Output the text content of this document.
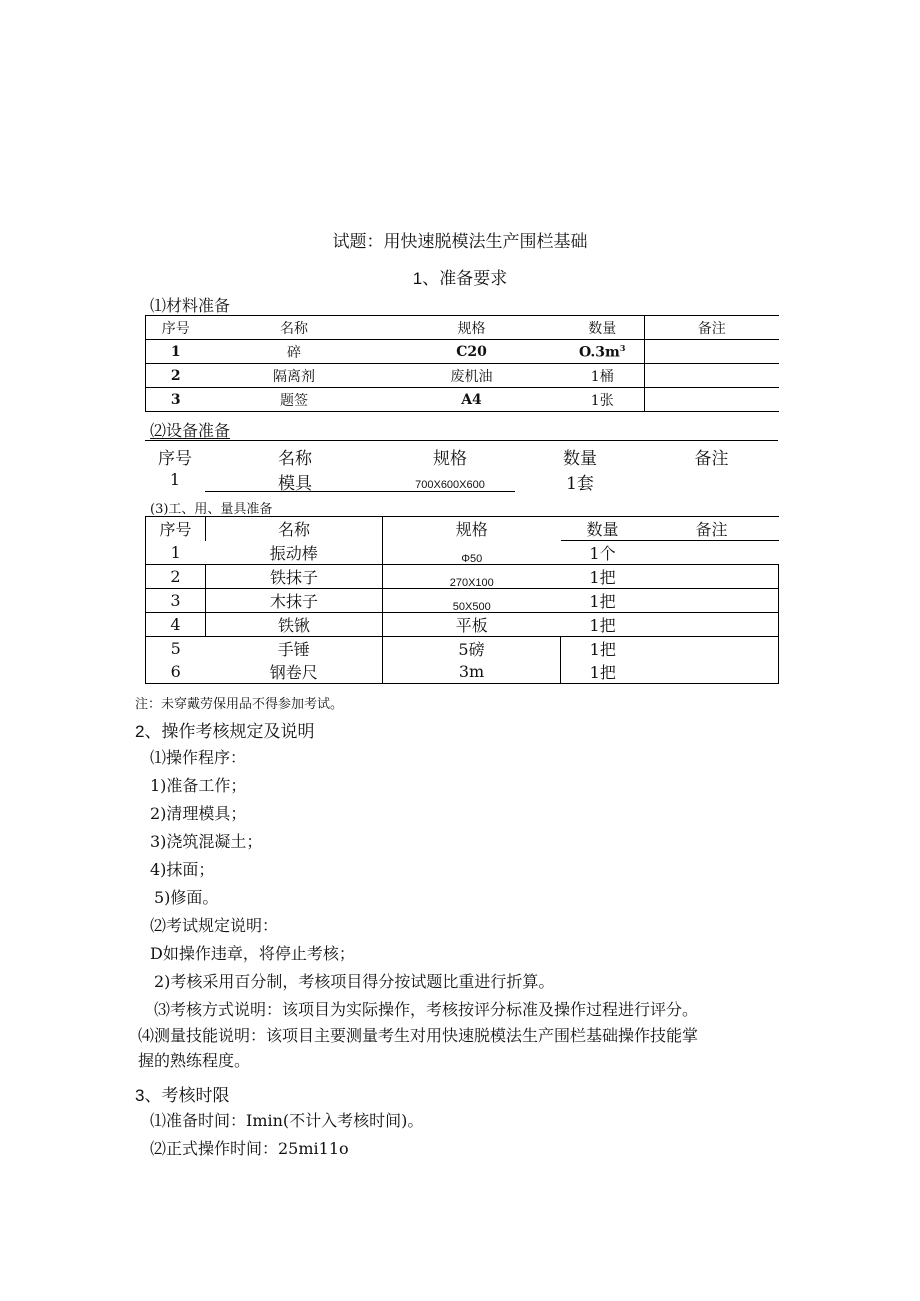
试题：用快速脱模法生产围栏基础
1、准备要求
⑴材料准备
序号	名称	规格	数量	备注
1	碎	C20	$O.3m^3$	
2	隔离剂	废机油	1桶	
3	题签	A4	1张	
⑵设备准备
序号	名称	规格	数量	备注
1	模具	700X600X600	1套
(3)工、用、量具准备
序号	名称	规格	数量	备注
1	振动棒	Φ50	1个	
2	铁抹子	270X100	1把	
3	木抹子	50X500	1把	
4	铁锹	平板	1把	
5	手锤	5磅	1把	
6	钢卷尺	3m	1把	
注：未穿戴劳保用品不得参加考试。
2、操作考核规定及说明
⑴操作程序：
1)准备工作；
2)清理模具；
3)浇筑混凝土；
4)抹面；
5)修面。
⑵考试规定说明：
D如操作违章，将停止考核；
2)考核采用百分制，考核项目得分按试题比重进行折算。
⑶考核方式说明：该项目为实际操作，考核按评分标准及操作过程进行评分。
⑷测量技能说明：该项目主要测量考生对用快速脱模法生产围栏基础操作技能掌
握的熟练程度。
3、考核时限
⑴准备时间：Imin(不计入考核时间)。
⑵正式操作时间：25mi11o
